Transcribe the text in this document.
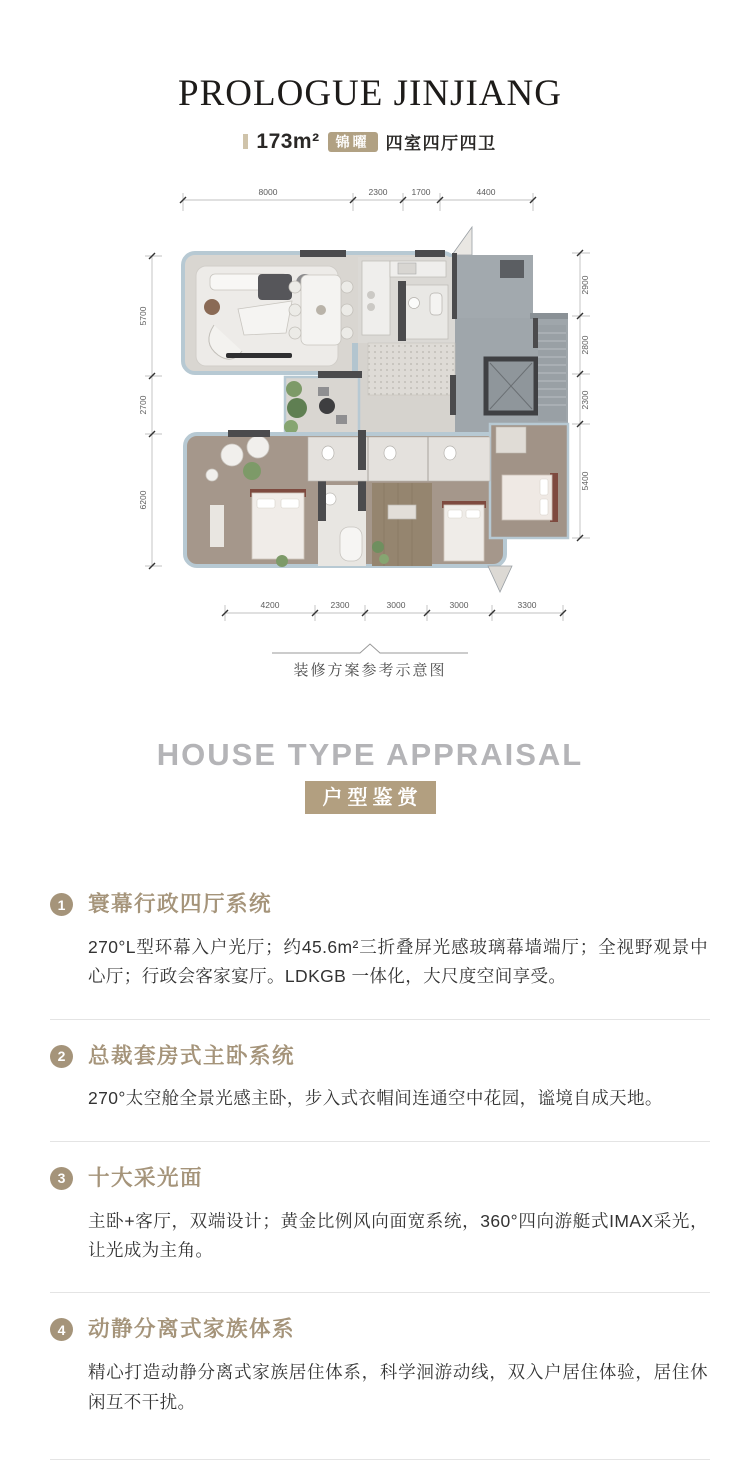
PROLOGUE JINJIANG
173m²	锦曜 四室四厅四卫
8000	2300	1700	4400
5700
2700
6200
2900
2800
2300
5400
4200	2300	3000	3000	3300
装修方案参考示意图
HOUSE TYPE APPRAISAL
户型鉴赏
1	寰幕行政四厅系统
270°L型环幕入户光厅；约45.6m²三折叠屏光感玻璃幕墙端厅；全视野观景中心厅；行政会客家宴厅。LDKGB 一体化，大尺度空间享受。
2	总裁套房式主卧系统
270°太空舱全景光感主卧，步入式衣帽间连通空中花园，谧境自成天地。
3	十大采光面
主卧+客厅，双端设计；黄金比例风向面宽系统，360°四向游艇式IMAX采光，让光成为主角。
4	动静分离式家族体系
精心打造动静分离式家族居住体系，科学洄游动线，双入户居住体验，居住休闲互不干扰。
